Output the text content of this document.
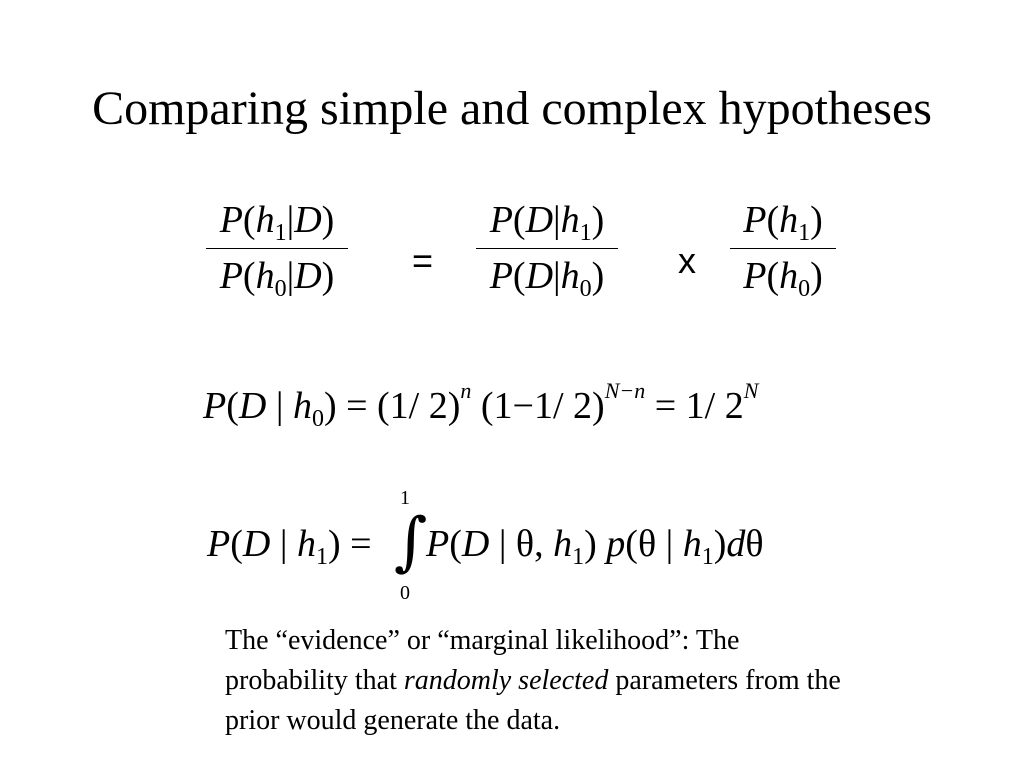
Comparing simple and complex hypotheses
$P(h_1|D)$
$P(h_0|D)$	=
$P(D|h_1)$
$P(D|h_0)$	x
$P(h_1)$
$P(h_0)$
P(D | $h_0) = (1/$ 2)$^n$ (1−1/ 2)$^{N-n}$ = 1/ $2^N$
P(D | $h_1$) =
1
∫
0
P(D | θ, $h_1$) p(θ | $h_1)d\theta$
The “evidence” or “marginal likelihood”: The probability that randomly selected parameters from the prior would generate the data.
